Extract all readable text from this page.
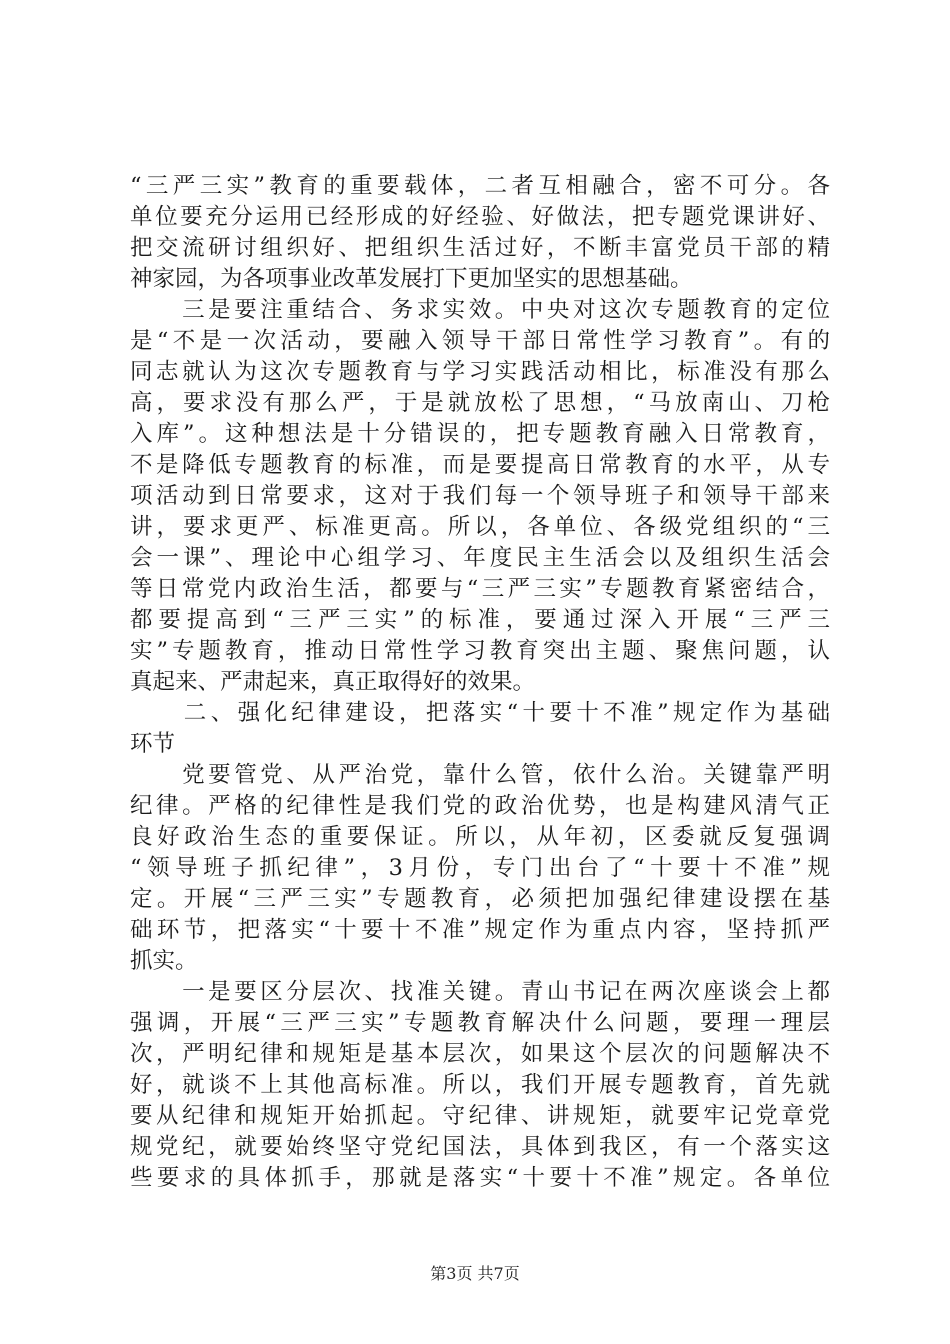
“三严三实”教育的重要载体，二者互相融合，密不可分。各
单位要充分运用已经形成的好经验、好做法，把专题党课讲好、
把交流研讨组织好、把组织生活过好，不断丰富党员干部的精
神家园，为各项事业改革发展打下更加坚实的思想基础。
　　三是要注重结合、务求实效。中央对这次专题教育的定位
是“不是一次活动，要融入领导干部日常性学习教育”。有的
同志就认为这次专题教育与学习实践活动相比，标准没有那么
高，要求没有那么严，于是就放松了思想，“马放南山、刀枪
入库”。这种想法是十分错误的，把专题教育融入日常教育，
不是降低专题教育的标准，而是要提高日常教育的水平，从专
项活动到日常要求，这对于我们每一个领导班子和领导干部来
讲，要求更严、标准更高。所以，各单位、各级党组织的“三
会一课”、理论中心组学习、年度民主生活会以及组织生活会
等日常党内政治生活，都要与“三严三实”专题教育紧密结合，
都要提高到“三严三实”的标准，要通过深入开展“三严三
实”专题教育，推动日常性学习教育突出主题、聚焦问题，认
真起来、严肃起来，真正取得好的效果。
　　二、强化纪律建设，把落实“十要十不准”规定作为基础
环节
　　党要管党、从严治党，靠什么管，依什么治。关键靠严明
纪律。严格的纪律性是我们党的政治优势，也是构建风清气正
良好政治生态的重要保证。所以，从年初，区委就反复强调
“领导班子抓纪律”，3月份，专门出台了“十要十不准”规
定。开展“三严三实”专题教育，必须把加强纪律建设摆在基
础环节，把落实“十要十不准”规定作为重点内容，坚持抓严
抓实。
　　一是要区分层次、找准关键。青山书记在两次座谈会上都
强调，开展“三严三实”专题教育解决什么问题，要理一理层
次，严明纪律和规矩是基本层次，如果这个层次的问题解决不
好，就谈不上其他高标准。所以，我们开展专题教育，首先就
要从纪律和规矩开始抓起。守纪律、讲规矩，就要牢记党章党
规党纪，就要始终坚守党纪国法，具体到我区，有一个落实这
些要求的具体抓手，那就是落实“十要十不准”规定。各单位
第3页 共7页
